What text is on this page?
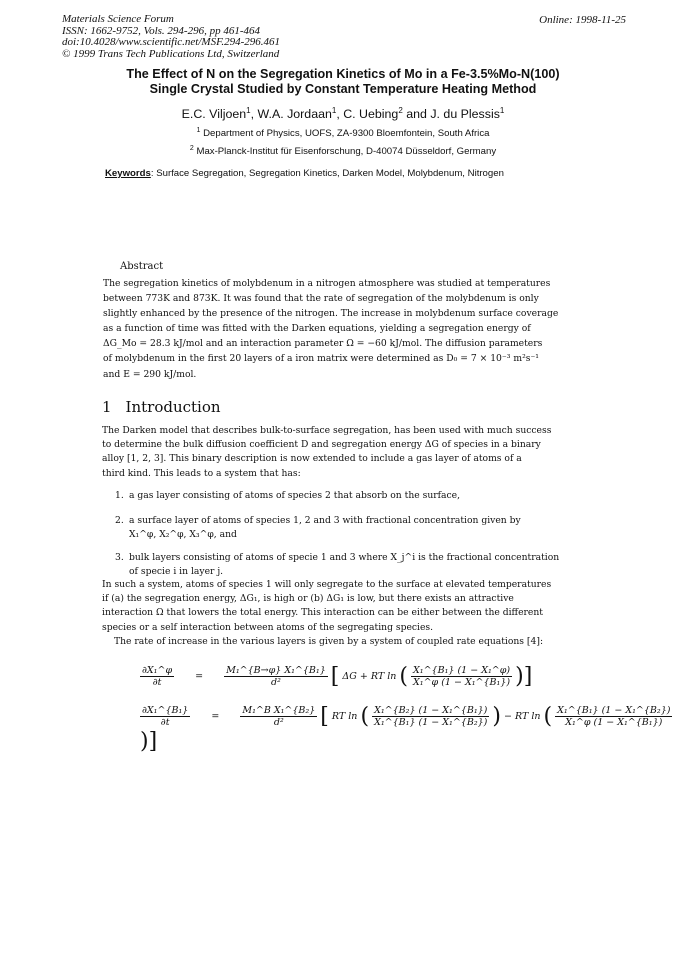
Materials Science Forum
ISSN: 1662-9752, Vols. 294-296, pp 461-464
doi:10.4028/www.scientific.net/MSF.294-296.461
© 1999 Trans Tech Publications Ltd, Switzerland
Online: 1998-11-25
The Effect of N on the Segregation Kinetics of Mo in a Fe-3.5%Mo-N(100)
Single Crystal Studied by Constant Temperature Heating Method
E.C. Viljoen$^1$, W.A. Jordaan$^1$, C. Uebing$^2$ and J. du Plessis$^1$
$^1$ Department of Physics, UOFS, ZA-9300 Bloemfontein, South Africa
$^2$ Max-Planck-Institut für Eisenforschung, D-40074 Düsseldorf, Germany
Keywords: Surface Segregation, Segregation Kinetics, Darken Model, Molybdenum, Nitrogen
Abstract
The segregation kinetics of molybdenum in a nitrogen atmosphere was studied at temperatures
between 773K and 873K. It was found that the rate of segregation of the molybdenum is only
slightly enhanced by the presence of the nitrogen. The increase in molybdenum surface coverage
as a function of time was fitted with the Darken equations, yielding a segregation energy of
ΔG_Mo = 28.3 kJ/mol and an interaction parameter Ω = −60 kJ/mol. The diffusion parameters
of molybdenum in the first 20 layers of a iron matrix were determined as D₀ = 7 × 10⁻³ m²s⁻¹
and E = 290 kJ/mol.
1 Introduction
The Darken model that describes bulk-to-surface segregation, has been used with much success
to determine the bulk diffusion coefficient D and segregation energy ΔG of species in a binary
alloy [1, 2, 3]. This binary description is now extended to include a gas layer of atoms of a
third kind. This leads to a system that has:
1. a gas layer consisting of atoms of species 2 that absorb on the surface,
2. a surface layer of atoms of species 1, 2 and 3 with fractional concentration given by
X₁^φ, X₂^φ, X₃^φ, and
3. bulk layers consisting of atoms of specie 1 and 3 where X_j^i is the fractional concentration
of specie i in layer j.
In such a system, atoms of species 1 will only segregate to the surface at elevated temperatures
if (a) the segregation energy, ΔG₁, is high or (b) ΔG₁ is low, but there exists an attractive
interaction Ω that lowers the total energy. This interaction can be either between the different
species or a self interaction between atoms of the segregating species.
The rate of increase in the various layers is given by a system of coupled rate equations [4]:
$\frac{\text{∂X₁\textasciicircum{}φ}}{\partial t} = \frac{\text{M₁\textasciicircum{}\{B→φ\} X₁\textasciicircum{}\{B₁\}}}{\text{d²}}$ [ ΔG + RT ln ( $\frac{\text{X₁\textasciicircum{}\{B₁\} (1 − X₁\textasciicircum{}φ)}}{\text{X₁\textasciicircum{}φ (1 − X₁\textasciicircum{}\{B₁\})}}$ )]
$\frac{\text{∂X₁\textasciicircum{}\{B₁\}}}{\partial t} = \frac{\text{M₁\textasciicircum{}B X₁\textasciicircum{}\{B₂\}}}{\text{d²}}$ [ RT ln ( $\frac{\text{X₁\textasciicircum{}\{B₂\} (1 − X₁\textasciicircum{}\{B₁\})}}{\text{X₁\textasciicircum{}\{B₁\} (1 − X₁\textasciicircum{}\{B₂\})}}$ ) − RT ln ( $\frac{\text{X₁\textasciicircum{}\{B₁\} (1 − X₁\textasciicircum{}\{B₂\})}}{\text{X₁\textasciicircum{}φ (1 − X₁\textasciicircum{}\{B₁\})}}$
)]
